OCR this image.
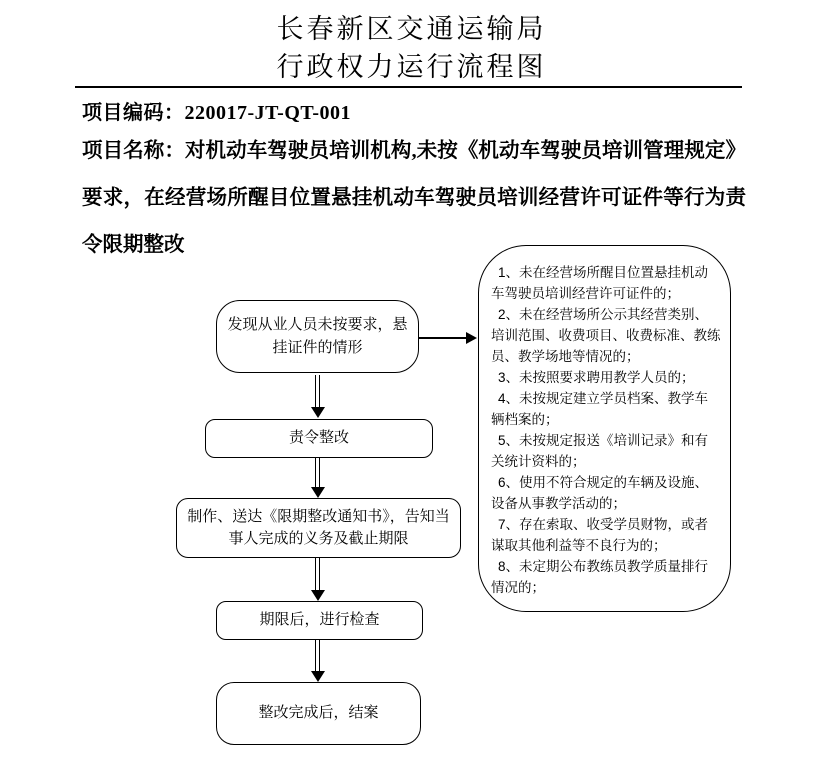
长春新区交通运输局
行政权力运行流程图
项目编码：220017-JT-QT-001
项目名称：对机动车驾驶员培训机构,未按《机动车驾驶员培训管理规定》要求，在经营场所醒目位置悬挂机动车驾驶员培训经营许可证件等行为责令限期整改
发现从业人员未按要求，悬挂证件的情形
责令整改
制作、送达《限期整改通知书》，告知当事人完成的义务及截止期限
期限后，进行检查
整改完成后，结案

1、未在经营场所醒目位置悬挂机动车驾驶员培训经营许可证件的；

2、未在经营场所公示其经营类别、培训范围、收费项目、收费标准、教练员、教学场地等情况的；

3、未按照要求聘用教学人员的；

4、未按规定建立学员档案、教学车辆档案的；

5、未按规定报送《培训记录》和有关统计资料的；

6、使用不符合规定的车辆及设施、设备从事教学活动的；

7、存在索取、收受学员财物，或者谋取其他利益等不良行为的；

8、未定期公布教练员教学质量排行情况的；
